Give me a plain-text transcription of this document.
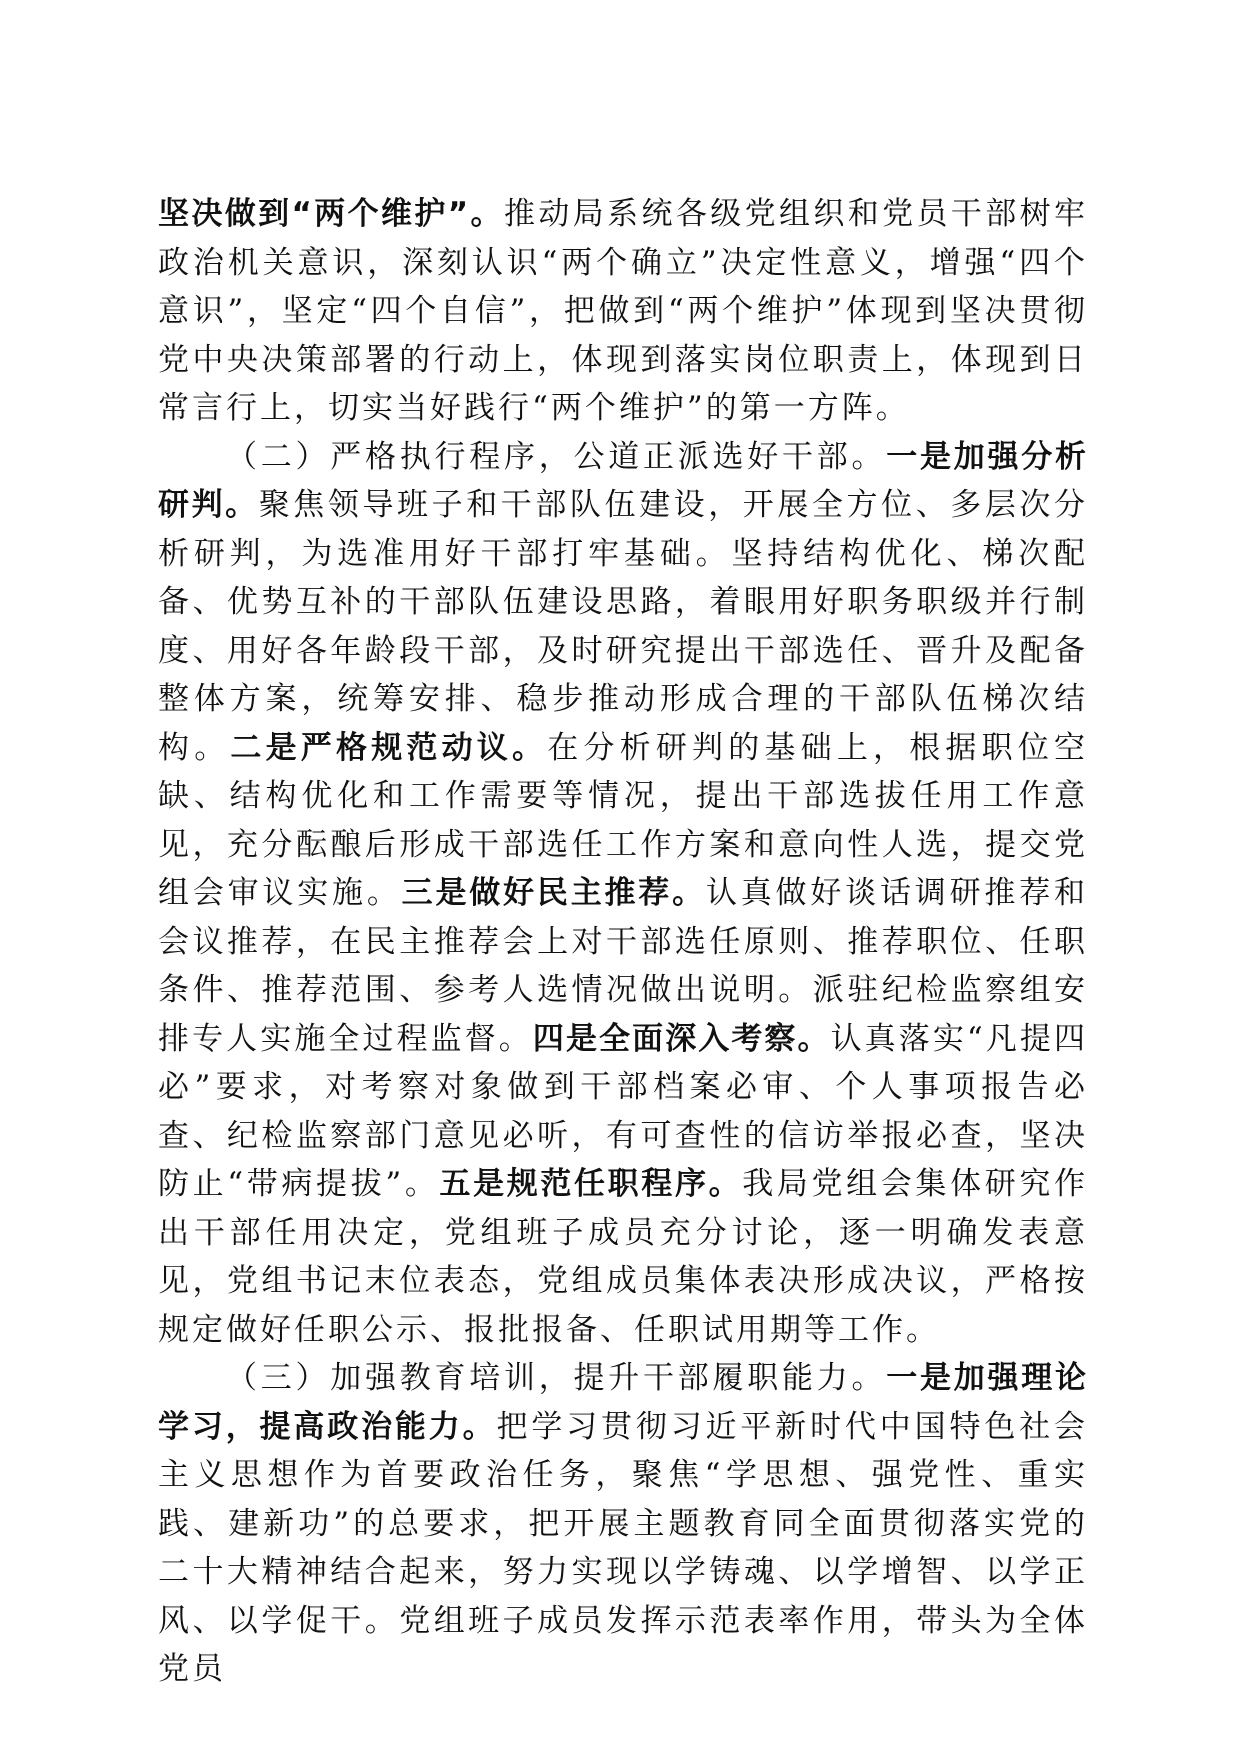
坚决做到“两个维护”。推动局系统各级党组织和党员干部树牢政治机关意识，深刻认识“两个确立”决定性意义，增强“四个意识”，坚定“四个自信”，把做到“两个维护”体现到坚决贯彻党中央决策部署的行动上，体现到落实岗位职责上，体现到日常言行上，切实当好践行“两个维护”的第一方阵。

（二）严格执行程序，公道正派选好干部。一是加强分析研判。聚焦领导班子和干部队伍建设，开展全方位、多层次分析研判，为选准用好干部打牢基础。坚持结构优化、梯次配备、优势互补的干部队伍建设思路，着眼用好职务职级并行制度、用好各年龄段干部，及时研究提出干部选任、晋升及配备整体方案，统筹安排、稳步推动形成合理的干部队伍梯次结构。二是严格规范动议。在分析研判的基础上，根据职位空缺、结构优化和工作需要等情况，提出干部选拔任用工作意见，充分酝酿后形成干部选任工作方案和意向性人选，提交党组会审议实施。三是做好民主推荐。认真做好谈话调研推荐和会议推荐，在民主推荐会上对干部选任原则、推荐职位、任职条件、推荐范围、参考人选情况做出说明。派驻纪检监察组安排专人实施全过程监督。四是全面深入考察。认真落实“凡提四必”要求，对考察对象做到干部档案必审、个人事项报告必查、纪检监察部门意见必听，有可查性的信访举报必查，坚决防止“带病提拔”。五是规范任职程序。我局党组会集体研究作出干部任用决定，党组班子成员充分讨论，逐一明确发表意见，党组书记末位表态，党组成员集体表决形成决议，严格按规定做好任职公示、报批报备、任职试用期等工作。

（三）加强教育培训，提升干部履职能力。一是加强理论学习，提高政治能力。把学习贯彻习近平新时代中国特色社会主义思想作为首要政治任务，聚焦“学思想、强党性、重实践、建新功”的总要求，把开展主题教育同全面贯彻落实党的二十大精神结合起来，努力实现以学铸魂、以学增智、以学正风、以学促干。党组班子成员发挥示范表率作用，带头为全体党员
